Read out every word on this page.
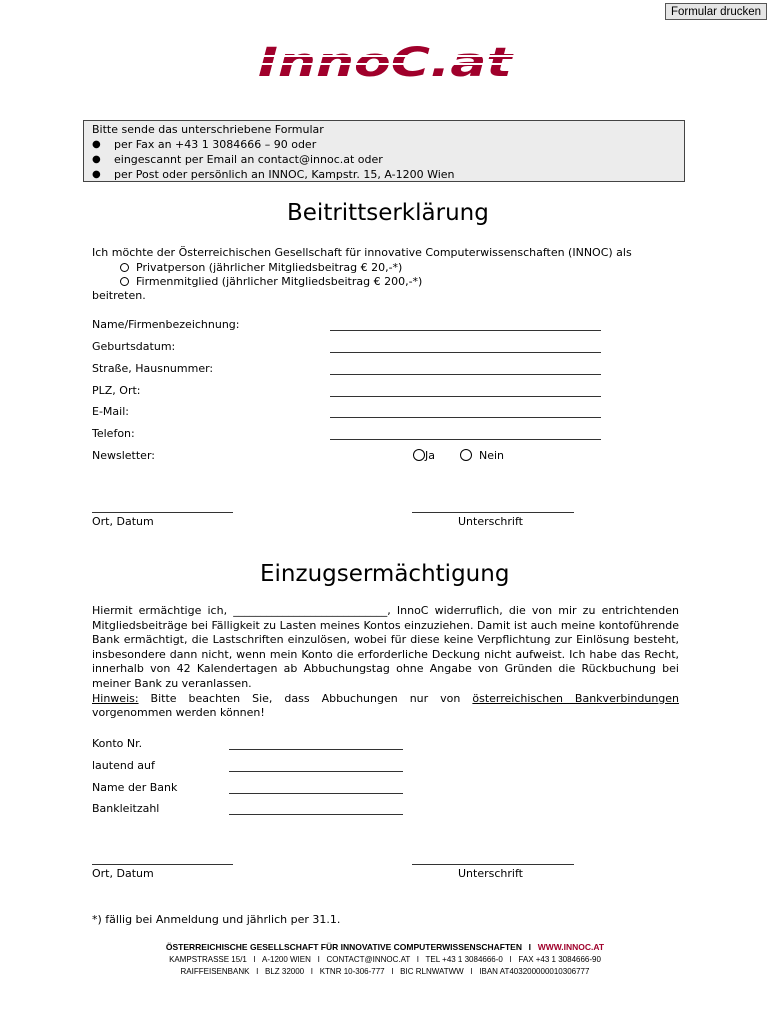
Formular drucken
InnoC.at
Bitte sende das unterschriebene Formular
●	per Fax an +43 1 3084666 – 90 oder
●	eingescannt per Email an contact@innoc.at oder
●	per Post oder persönlich an INNOC, Kampstr. 15, A-1200 Wien
Beitrittserklärung
Ich möchte der Österreichischen Gesellschaft für innovative Computerwissenschaften (INNOC) als
Privatperson (jährlicher Mitgliedsbeitrag € 20,-*)
Firmenmitglied (jährlicher Mitgliedsbeitrag € 200,-*)
beitreten.
Name/Firmenbezeichnung:
Geburtsdatum:
Straße, Hausnummer:
PLZ, Ort:
E-Mail:
Telefon:
Newsletter:	Ja	Nein
Ort, Datum	Unterschrift
Einzugsermächtigung
Hiermit ermächtige ich, ____________________________, InnoC widerruflich, die von mir zu entrichtenden Mitgliedsbeiträge bei Fälligkeit zu Lasten meines Kontos einzuziehen. Damit ist auch meine kontoführende Bank ermächtigt, die Lastschriften einzulösen, wobei für diese keine Verpflichtung zur Einlösung besteht, insbesondere dann nicht, wenn mein Konto die erforderliche Deckung nicht aufweist. Ich habe das Recht, innerhalb von 42 Kalendertagen ab Abbuchungstag ohne Angabe von Gründen die Rückbuchung bei meiner Bank zu veranlassen.
Hinweis: Bitte beachten Sie, dass Abbuchungen nur von österreichischen Bankverbindungen vorgenommen werden können!
Konto Nr.
lautend auf
Name der Bank
Bankleitzahl
Ort, Datum	Unterschrift
*) fällig bei Anmeldung und jährlich per 31.1.
ÖSTERREICHISCHE GESELLSCHAFT FÜR INNOVATIVE COMPUTERWISSENSCHAFTEN I WWW.INNOC.AT
KAMPSTRASSE 15/1   I   A-1200 WIEN   I   CONTACT@INNOC.AT   I   TEL +43 1 3084666-0   I   FAX +43 1 3084666-90
RAIFFEISENBANK   I   BLZ 32000   I   KTNR 10-306-777   I   BIC RLNWATWW   I   IBAN AT403200000010306777
